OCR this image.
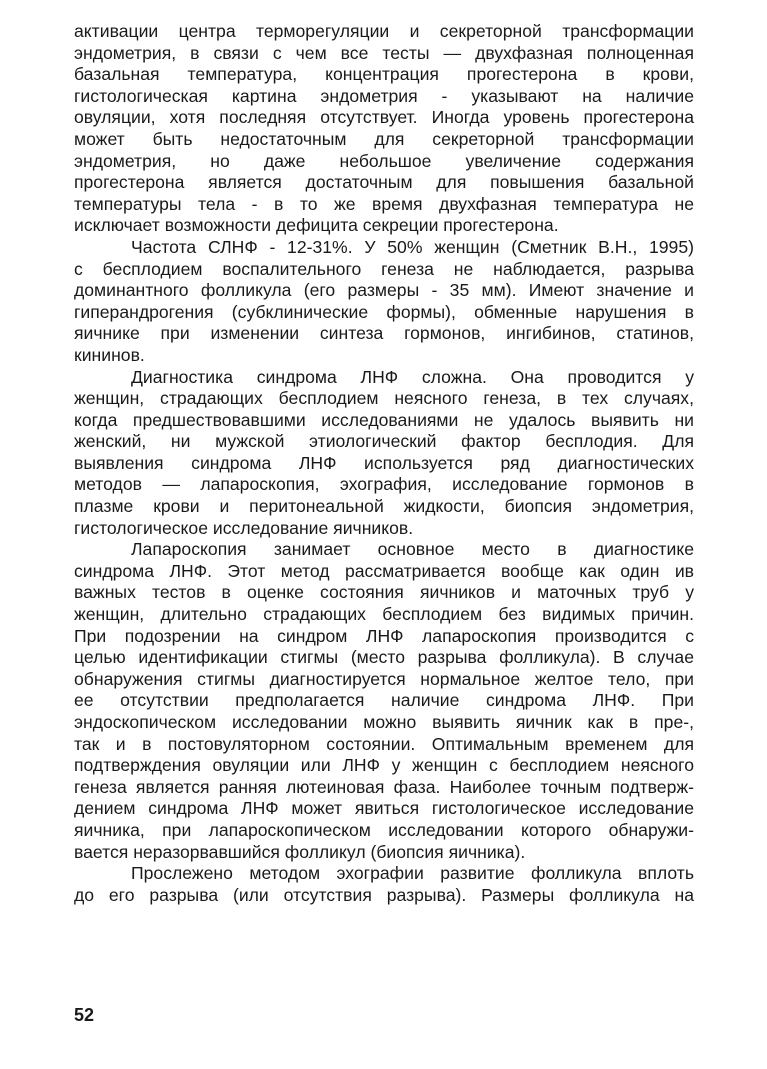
активации центра терморегуляции и секреторной трансформации
эндометрия, в связи с чем все тесты — двухфазная полноценная
базальная температура, концентрация прогестерона в крови,
гистологическая картина эндометрия - указывают на наличие
овуляции, хотя последняя отсутствует. Иногда уровень прогестерона
может быть недостаточным для секреторной трансформации
эндометрия, но даже небольшое увеличение содержания
прогестерона является достаточным для повышения базальной
температуры тела - в то же время двухфазная температура не
исключает возможности дефицита секреции прогестерона.
Частота СЛНФ - 12-31%. У 50% женщин (Сметник В.Н., 1995)
с бесплодием воспалительного генеза не наблюдается, разрыва
доминантного фолликула (его размеры - 35 мм). Имеют значение и
гиперандрогения (субклинические формы), обменные нарушения в
яичнике при изменении синтеза гормонов, ингибинов, статинов,
кининов.
Диагностика синдрома ЛНФ сложна. Она проводится у
женщин, страдающих бесплодием неясного генеза, в тех случаях,
когда предшествовавшими исследованиями не удалось выявить ни
женский, ни мужской этиологический фактор бесплодия. Для
выявления синдрома ЛНФ используется ряд диагностических
методов — лапароскопия, эхография, исследование гормонов в
плазме крови и перитонеальной жидкости, биопсия эндометрия,
гистологическое исследование яичников.
Лапароскопия занимает основное место в диагностике
синдрома ЛНФ. Этот метод рассматривается вообще как один ив
важных тестов в оценке состояния яичников и маточных труб у
женщин, длительно страдающих бесплодием без видимых причин.
При подозрении на синдром ЛНФ лапароскопия производится с
целью идентификации стигмы (место разрыва фолликула). В случае
обнаружения стигмы диагностируется нормальное желтое тело, при
ее отсутствии предполагается наличие синдрома ЛНФ. При
эндоскопическом исследовании можно выявить яичник как в пре-,
так и в постовуляторном состоянии. Оптимальным временем для
подтверждения овуляции или ЛНФ у женщин с бесплодием неясного
генеза является ранняя лютеиновая фаза. Наиболее точным подтверж-
дением синдрома ЛНФ может явиться гистологическое исследование
яичника, при лапароскопическом исследовании которого обнаружи-
вается неразорвавшийся фолликул (биопсия яичника).
Прослежено методом эхографии развитие фолликула вплоть
до его разрыва (или отсутствия разрыва). Размеры фолликула на
52
